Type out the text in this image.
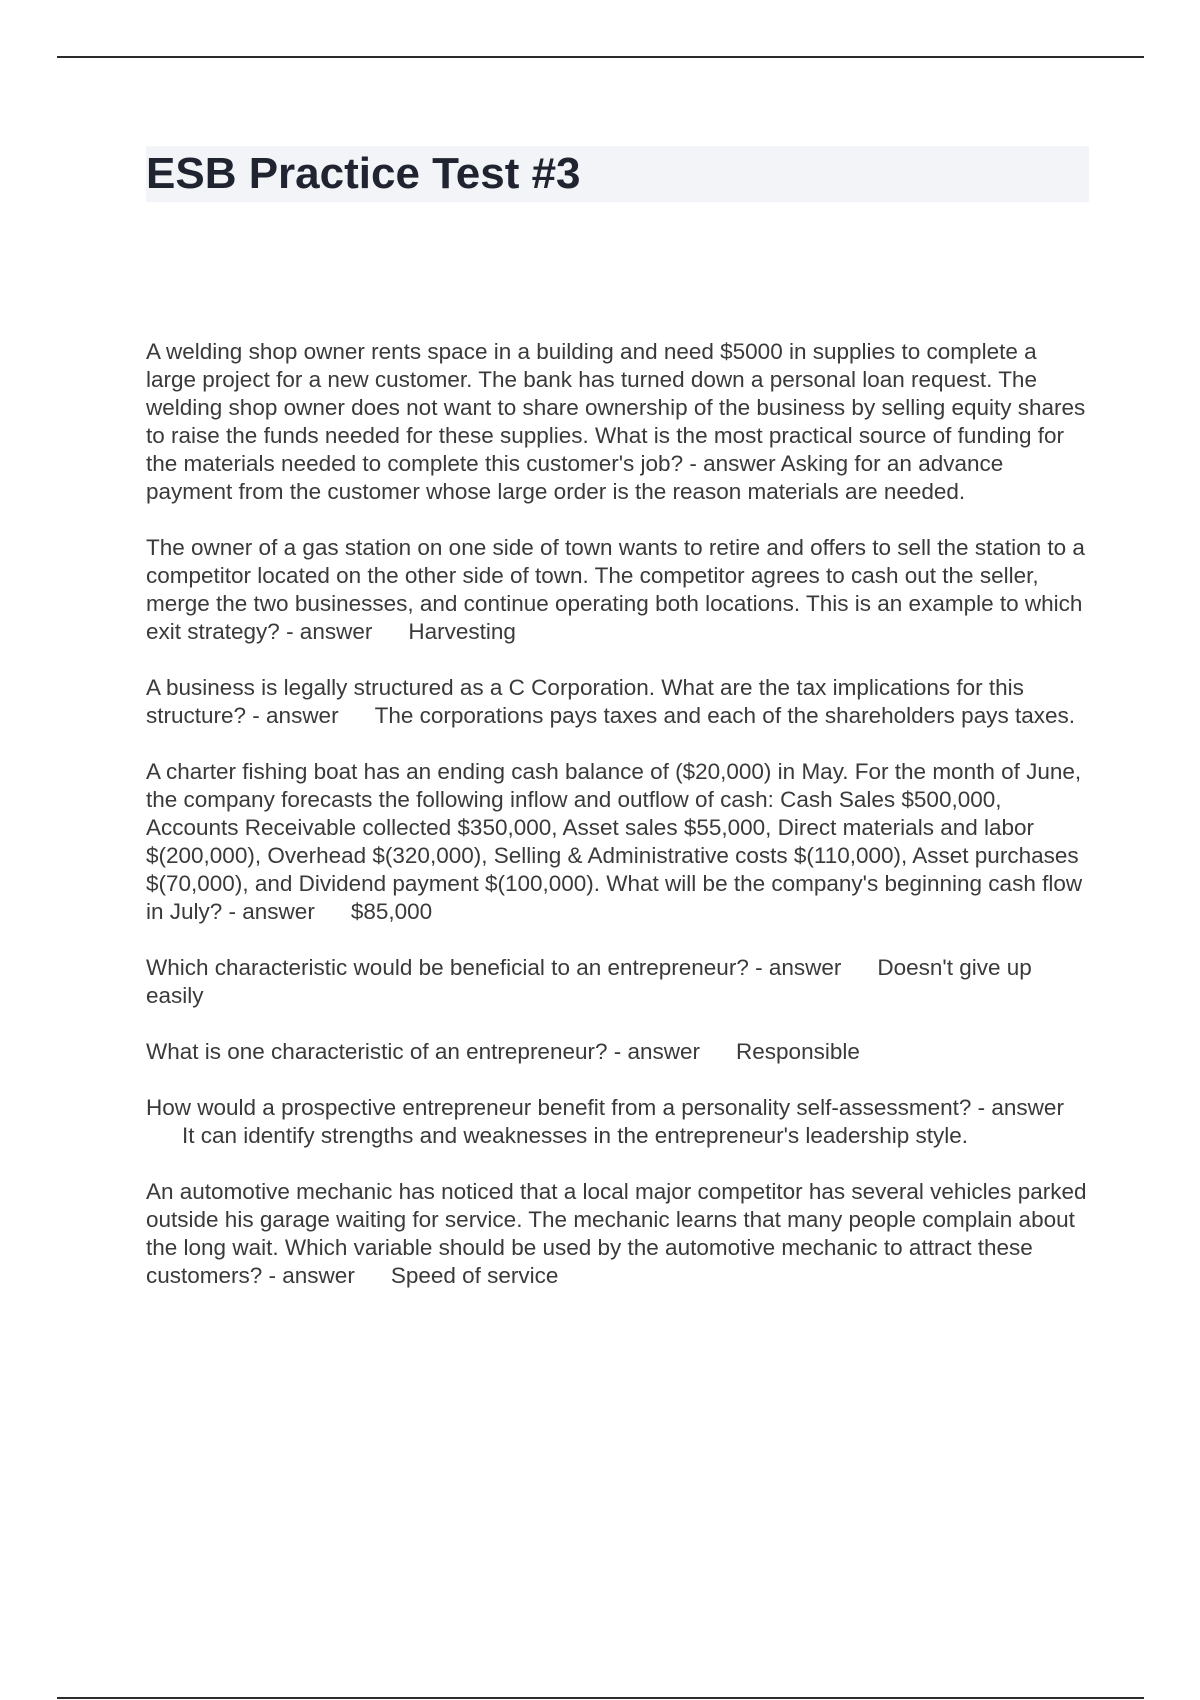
ESB Practice Test #3

A welding shop owner rents space in a building and need $5000 in supplies to complete a large project for a new customer. The bank has turned down a personal loan request. The welding shop owner does not want to share ownership of the business by selling equity shares to raise the funds needed for these supplies. What is the most practical source of funding for the materials needed to complete this customer's job? - answer Asking for an advance payment from the customer whose large order is the reason materials are needed.

The owner of a gas station on one side of town wants to retire and offers to sell the station to a competitor located on the other side of town. The competitor agrees to cash out the seller, merge the two businesses, and continue operating both locations. This is an example to which exit strategy? - answer Harvesting

A business is legally structured as a C Corporation. What are the tax implications for this structure? - answer The corporations pays taxes and each of the shareholders pays taxes.

A charter fishing boat has an ending cash balance of ($20,000) in May. For the month of June, the company forecasts the following inflow and outflow of cash: Cash Sales $500,000, Accounts Receivable collected $350,000, Asset sales $55,000, Direct materials and labor $(200,000), Overhead $(320,000), Selling & Administrative costs $(110,000), Asset purchases $(70,000), and Dividend payment $(100,000). What will be the company's beginning cash flow in July? - answer $85,000

Which characteristic would be beneficial to an entrepreneur? - answer Doesn't give up easily

What is one characteristic of an entrepreneur? - answer Responsible

How would a prospective entrepreneur benefit from a personality self-assessment? - answerIt can identify strengths and weaknesses in the entrepreneur's leadership style.

An automotive mechanic has noticed that a local major competitor has several vehicles parked outside his garage waiting for service. The mechanic learns that many people complain about the long wait. Which variable should be used by the automotive mechanic to attract these customers? - answer Speed of service
